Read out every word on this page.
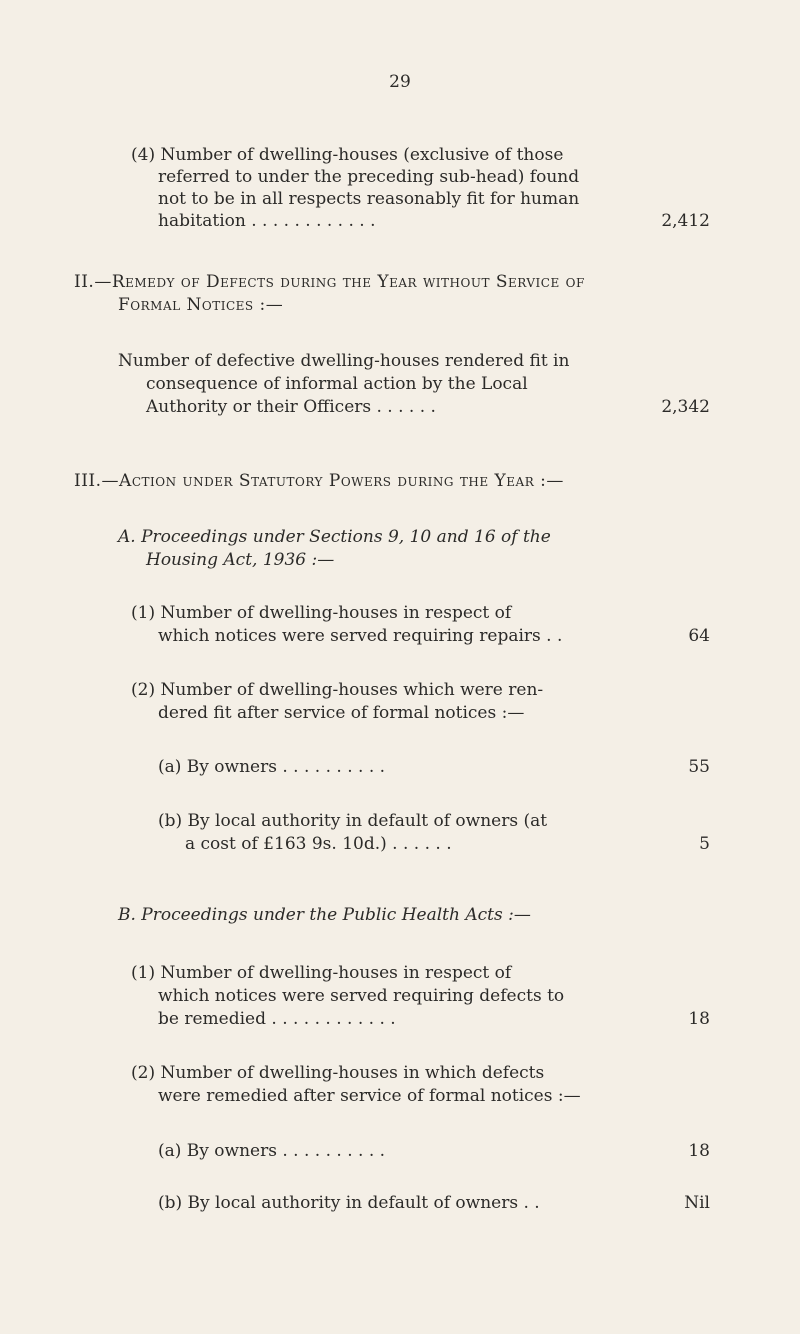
29
(4) Number of dwelling-houses (exclusive of those
referred to under the preceding sub-head) found
not to be in all respects reasonably fit for human
habitation . . . . . . . . . . . .	2,412
II.—Remedy of Defects during the Year without Service of
Formal Notices :—
Number of defective dwelling-houses rendered fit in
consequence of informal action by the Local
Authority or their Officers . . . . . .	2,342
III.—Action under Statutory Powers during the Year :—
A. Proceedings under Sections 9, 10 and 16 of the
Housing Act, 1936 :—
(1) Number of dwelling-houses in respect of
which notices were served requiring repairs . .	64
(2) Number of dwelling-houses which were ren-
dered fit after service of formal notices :—
(a) By owners . . . . . . . . . .	55
(b) By local authority in default of owners (at
a cost of £163 9s. 10d.) . . . . . .	5
B. Proceedings under the Public Health Acts :—
(1) Number of dwelling-houses in respect of
which notices were served requiring defects to
be remedied . . . . . . . . . . . .	18
(2) Number of dwelling-houses in which defects
were remedied after service of formal notices :—
(a) By owners . . . . . . . . . .	18
(b) By local authority in default of owners . .	Nil
